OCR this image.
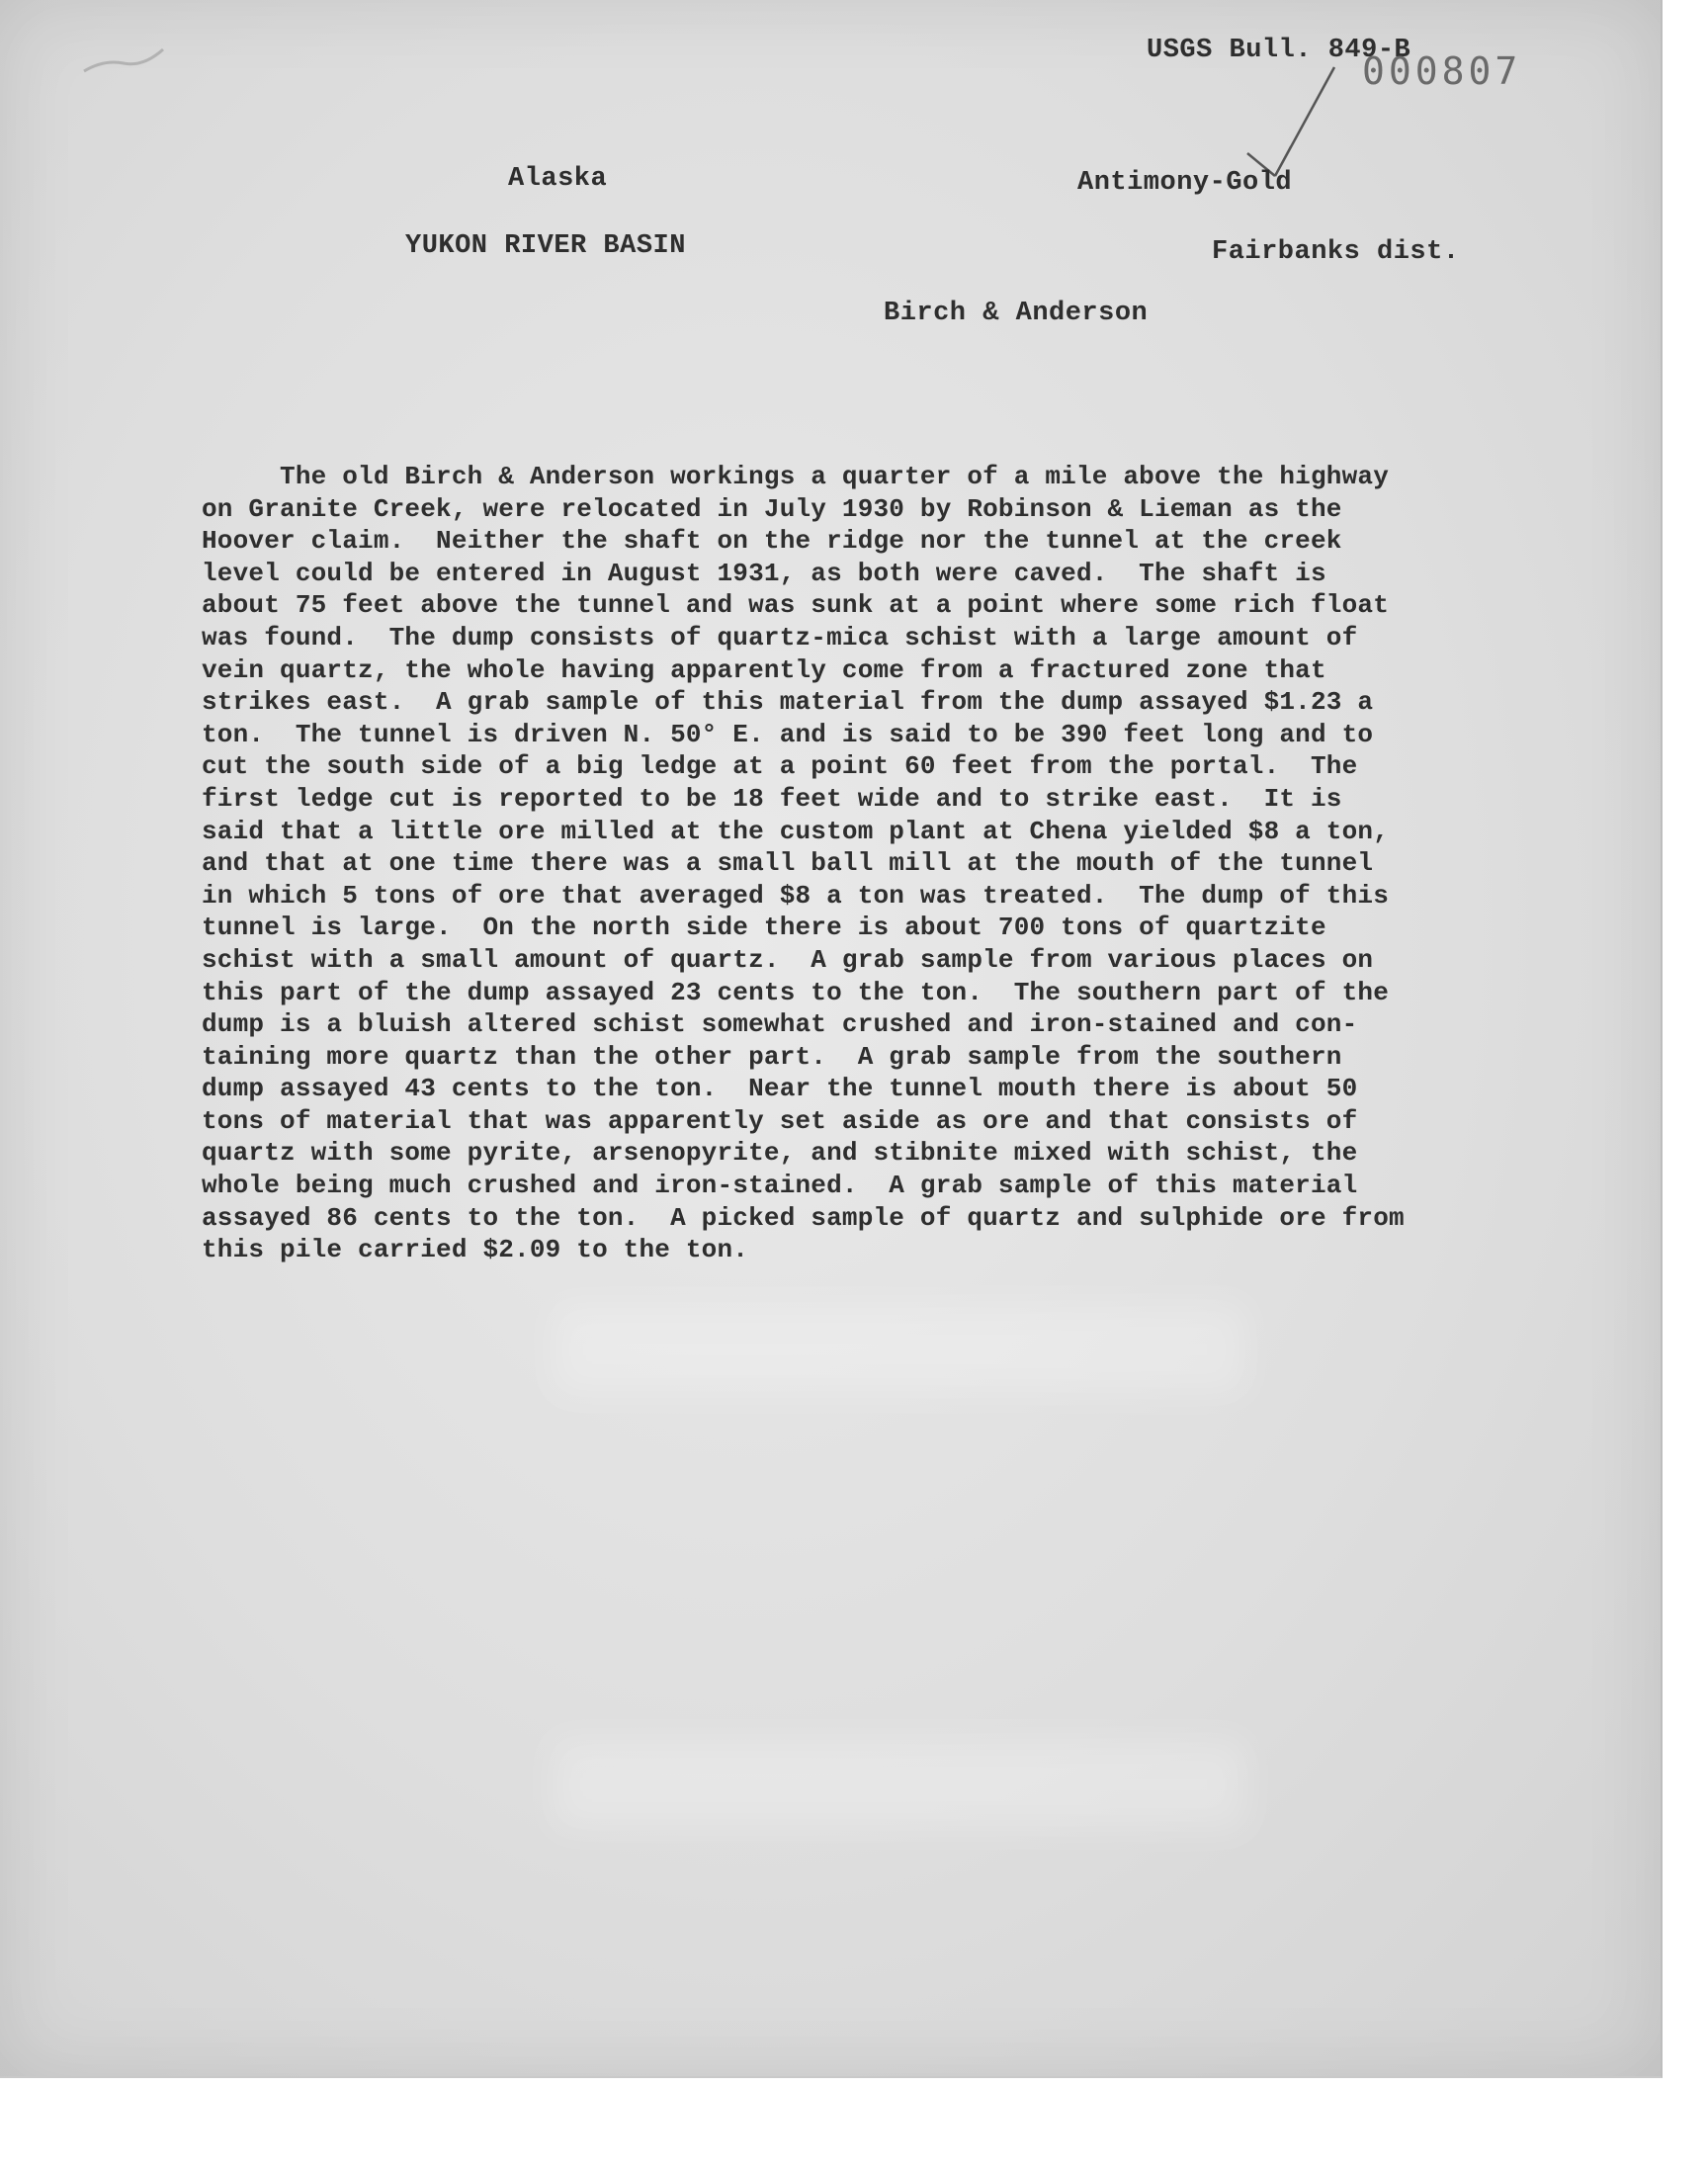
USGS Bull. 849-B
000807
Alaska	Antimony-Gold
YUKON RIVER BASIN	Fairbanks dist.
Birch & Anderson
The old Birch & Anderson workings a quarter of a mile above the highway
on Granite Creek, were relocated in July 1930 by Robinson & Lieman as the
Hoover claim.  Neither the shaft on the ridge nor the tunnel at the creek
level could be entered in August 1931, as both were caved.  The shaft is
about 75 feet above the tunnel and was sunk at a point where some rich float
was found.  The dump consists of quartz-mica schist with a large amount of
vein quartz, the whole having apparently come from a fractured zone that
strikes east.  A grab sample of this material from the dump assayed $1.23 a
ton.  The tunnel is driven N. 50° E. and is said to be 390 feet long and to
cut the south side of a big ledge at a point 60 feet from the portal.  The
first ledge cut is reported to be 18 feet wide and to strike east.  It is
said that a little ore milled at the custom plant at Chena yielded $8 a ton,
and that at one time there was a small ball mill at the mouth of the tunnel
in which 5 tons of ore that averaged $8 a ton was treated.  The dump of this
tunnel is large.  On the north side there is about 700 tons of quartzite
schist with a small amount of quartz.  A grab sample from various places on
this part of the dump assayed 23 cents to the ton.  The southern part of the
dump is a bluish altered schist somewhat crushed and iron-stained and con-
taining more quartz than the other part.  A grab sample from the southern
dump assayed 43 cents to the ton.  Near the tunnel mouth there is about 50
tons of material that was apparently set aside as ore and that consists of
quartz with some pyrite, arsenopyrite, and stibnite mixed with schist, the
whole being much crushed and iron-stained.  A grab sample of this material
assayed 86 cents to the ton.  A picked sample of quartz and sulphide ore from
this pile carried $2.09 to the ton.
